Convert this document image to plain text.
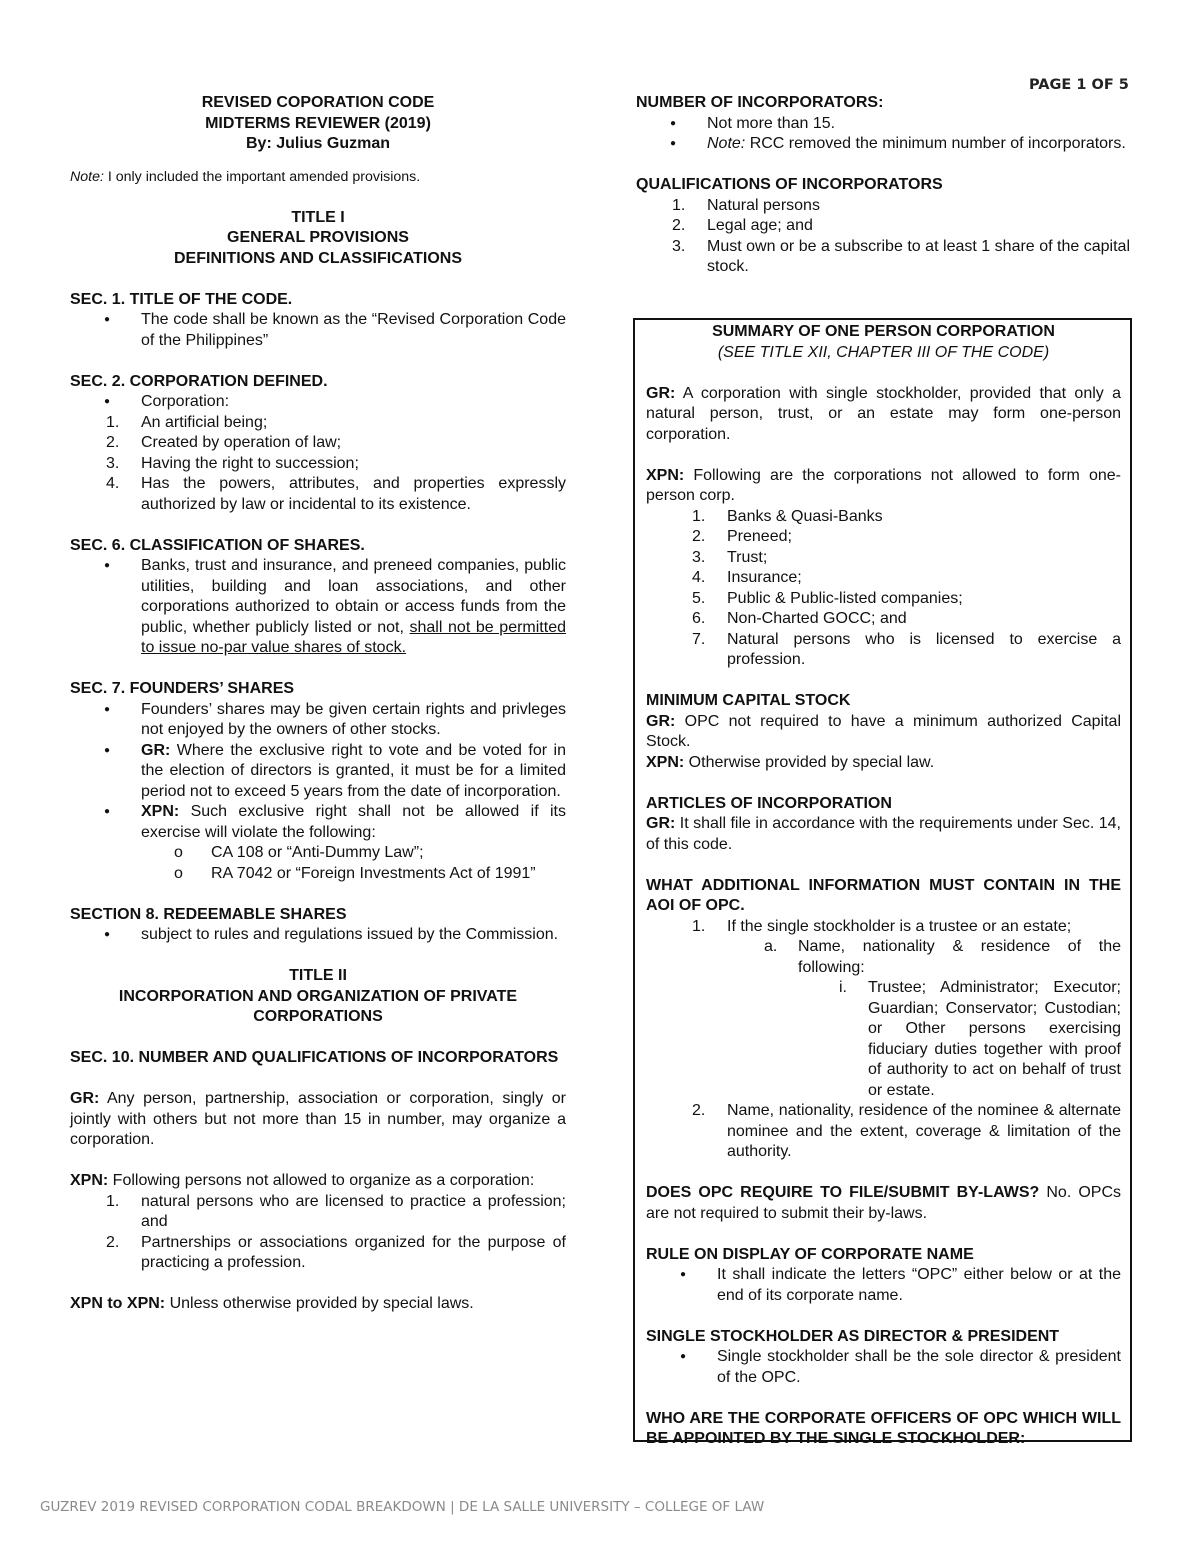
PAGE 1 OF 5

REVISED COPORATION CODE

MIDTERMS REVIEWER (2019)

By: Julius Guzman

Note: I only included the important amended provisions.

TITLE I

GENERAL PROVISIONS

DEFINITIONS AND CLASSIFICATIONS

SEC. 1. TITLE OF THE CODE.

● The code shall be known as the “Revised Corporation Code of the Philippines”

SEC. 2. CORPORATION DEFINED.

● Corporation:
1. An artificial being;
2. Created by operation of law;
3. Having the right to succession;
4. Has the powers, attributes, and properties expressly authorized by law or incidental to its existence.

SEC. 6. CLASSIFICATION OF SHARES.

● Banks, trust and insurance, and preneed companies, public utilities, building and loan associations, and other corporations authorized to obtain or access funds from the public, whether publicly listed or not, shall not be permitted to issue no-par value shares of stock.

SEC. 7. FOUNDERS’ SHARES

● Founders’ shares may be given certain rights and privleges not enjoyed by the owners of other stocks.
● GR: Where the exclusive right to vote and be voted for in the election of directors is granted, it must be for a limited period not to exceed 5 years from the date of incorporation.
● XPN: Such exclusive right shall not be allowed if its exercise will violate the following:
o CA 108 or “Anti-Dummy Law”;
o RA 7042 or “Foreign Investments Act of 1991”

SECTION 8. REDEEMABLE SHARES

● subject to rules and regulations issued by the Commission.

TITLE II

INCORPORATION AND ORGANIZATION OF PRIVATE CORPORATIONS

SEC. 10. NUMBER AND QUALIFICATIONS OF INCORPORATORS

GR: Any person, partnership, association or corporation, singly or jointly with others but not more than 15 in number, may organize a corporation.

XPN: Following persons not allowed to organize as a corporation:

1. natural persons who are licensed to practice a profession; and
2. Partnerships or associations organized for the purpose of practicing a profession.

XPN to XPN: Unless otherwise provided by special laws.

NUMBER OF INCORPORATORS:

● Not more than 15.
● Note: RCC removed the minimum number of incorporators.

QUALIFICATIONS OF INCORPORATORS

1. Natural persons
2. Legal age; and
3. Must own or be a subscribe to at least 1 share of the capital stock.

SUMMARY OF ONE PERSON CORPORATION

(SEE TITLE XII, CHAPTER III OF THE CODE)

GR: A corporation with single stockholder, provided that only a natural person, trust, or an estate may form one-person corporation.

XPN: Following are the corporations not allowed to form one-person corp.

1. Banks & Quasi-Banks
2. Preneed;
3. Trust;
4. Insurance;
5. Public & Public-listed companies;
6. Non-Charted GOCC; and
7. Natural persons who is licensed to exercise a profession.

MINIMUM CAPITAL STOCK

GR: OPC not required to have a minimum authorized Capital Stock.

XPN: Otherwise provided by special law.

ARTICLES OF INCORPORATION

GR: It shall file in accordance with the requirements under Sec. 14, of this code.

WHAT ADDITIONAL INFORMATION MUST CONTAIN IN THE AOI OF OPC.

1. If the single stockholder is a trustee or an estate;
a. Name, nationality & residence of the following:
i. Trustee; Administrator; Executor; Guardian; Conservator; Custodian; or Other persons exercising fiduciary duties together with proof of authority to act on behalf of trust or estate.
2. Name, nationality, residence of the nominee & alternate nominee and the extent, coverage & limitation of the authority.

DOES OPC REQUIRE TO FILE/SUBMIT BY-LAWS? No. OPCs are not required to submit their by-laws.

RULE ON DISPLAY OF CORPORATE NAME

● It shall indicate the letters “OPC” either below or at the end of its corporate name.

SINGLE STOCKHOLDER AS DIRECTOR & PRESIDENT

● Single stockholder shall be the sole director & president of the OPC.

WHO ARE THE CORPORATE OFFICERS OF OPC WHICH WILL BE APPOINTED BY THE SINGLE STOCKHOLDER:

GUZREV 2019 REVISED CORPORATION CODAL BREAKDOWN | DE LA SALLE UNIVERSITY – COLLEGE OF LAW
